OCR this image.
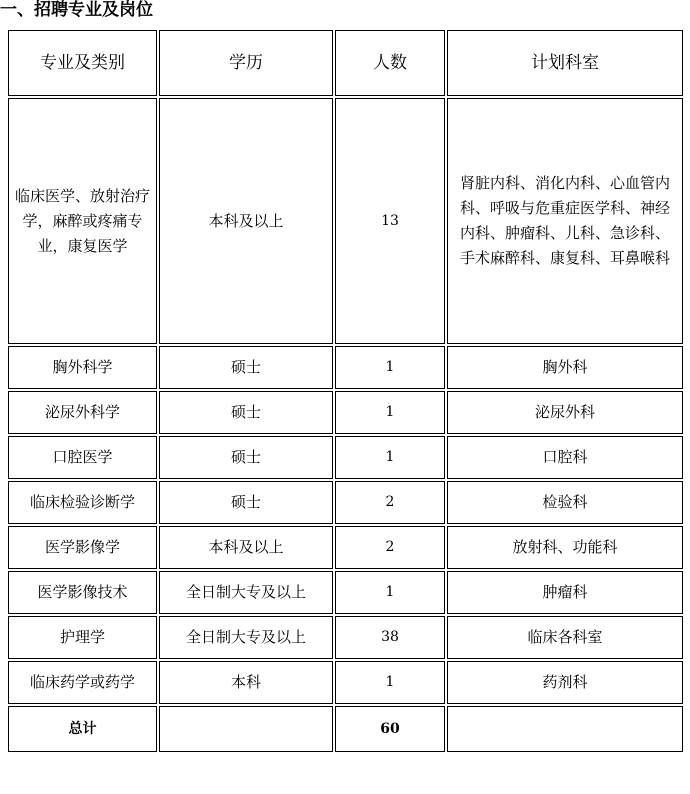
一、招聘专业及岗位
专业及类别	学历	人数	计划科室

临床医学、放射治疗学，麻醉或疼痛专业，康复医学	本科及以上	13	肾脏内科、消化内科、心血管内科、呼吸与危重症医学科、神经内科、肿瘤科、儿科、急诊科、手术麻醉科、康复科、耳鼻喉科

胸外科学	硕士	1	胸外科
泌尿外科学	硕士	1	泌尿外科
口腔医学	硕士	1	口腔科
临床检验诊断学	硕士	2	检验科
医学影像学	本科及以上	2	放射科、功能科
医学影像技术	全日制大专及以上	1	肿瘤科
护理学	全日制大专及以上	38	临床各科室
临床药学或药学	本科	1	药剂科
总计		60	
